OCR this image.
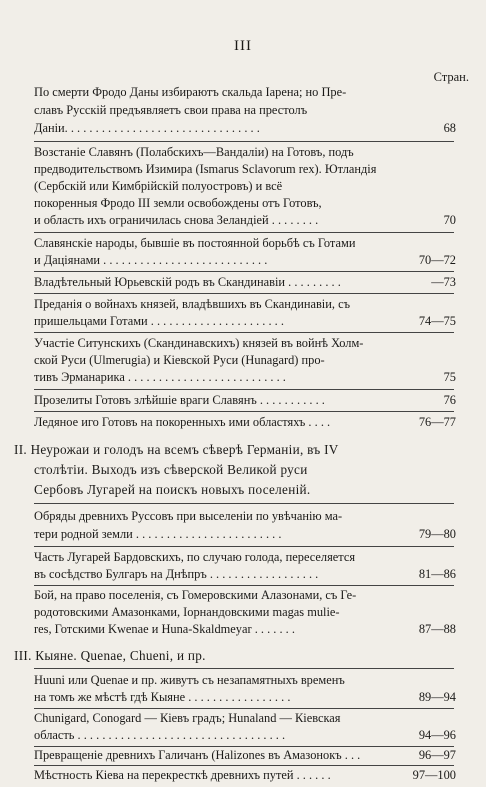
III
Стран.
По смерти Фродо Даны избираютъ скальда Іарена; но Пре-
славъ Русскій предъявляетъ свои права на престолъ
Даніи. . . . . . . . . . . . . . . . . . . . . . . . . . . . . . . .	68
Возстаніе Славянъ (Полабскихъ—Вандаліи) на Готовъ, подъ
предводительствомъ Изимира (Ismarus Sclavorum rex). Ютландія
(Сербскій или Кимбрійскій полуостровъ) и всё
покоренныя Фродо III земли освобождены отъ Готовъ,
и область ихъ ограничилась снова Зеландіей . . . . . . . .	70
Славянскіе народы, бывшіе въ постоянной борьбѣ съ Готами
и Даціянами . . . . . . . . . . . . . . . . . . . . . . . . . . .	70—72
Владѣтельный Юрьевскій родъ въ Скандинавіи . . . . . . . . .	—73
Преданія о войнахъ князей, владѣвшихъ въ Скандинавіи, съ
пришельцами Готами . . . . . . . . . . . . . . . . . . . . . .	74—75
Участіе Ситунскихъ (Скандинавскихъ) князей въ войнѣ Холм-
ской Руси (Ulmerugia) и Кіевской Руси (Hunagard) про-
тивъ Эрманарика . . . . . . . . . . . . . . . . . . . . . . . . . .	75
Прозелиты Готовъ злѣйшіе враги Славянъ . . . . . . . . . . .	76
Ледяное иго Готовъ на покоренныхъ ими областяхъ . . . .	76—77
II. Неурожаи и голодъ на всемъ сѣверѣ Германіи, въ IV
столѣтіи. Выходъ изъ сѣверской Великой руси
Сербовъ Лугарей на поискъ новыхъ поселеній.
Обряды древнихъ Руссовъ при выселеніи по увѣчанію ма-
тери родной земли . . . . . . . . . . . . . . . . . . . . . . . .	79—80
Часть Лугарей Бардовскихъ, по случаю голода, переселяется
въ сосѣдство Булгаръ на Днѣпръ . . . . . . . . . . . . . . . . . .	81—86
Бой, на право поселенія, съ Гомеровскими Алазонами, съ Ге-
родотовскими Амазонками, Іорнандовскими magas mulie-
res, Готскими Kwenae и Huna-Skaldmeyar . . . . . . .	87—88
III. Кыяне. Quenae, Chueni, и пр.
Huuni или Quenae и пр. живутъ съ незапамятныхъ временъ
на томъ же мѣстѣ гдѣ Кыяне . . . . . . . . . . . . . . . . .	89—94
Chunigard, Conogard — Кіевъ градъ; Hunaland — Кіевская
область . . . . . . . . . . . . . . . . . . . . . . . . . . . . . . . . . .	94—96
Превращеніе древнихъ Галичанъ (Halizones въ Амазонокъ . . .	96—97
Мѣстность Кіева на перекресткѣ древнихъ путей . . . . . .	97—100
